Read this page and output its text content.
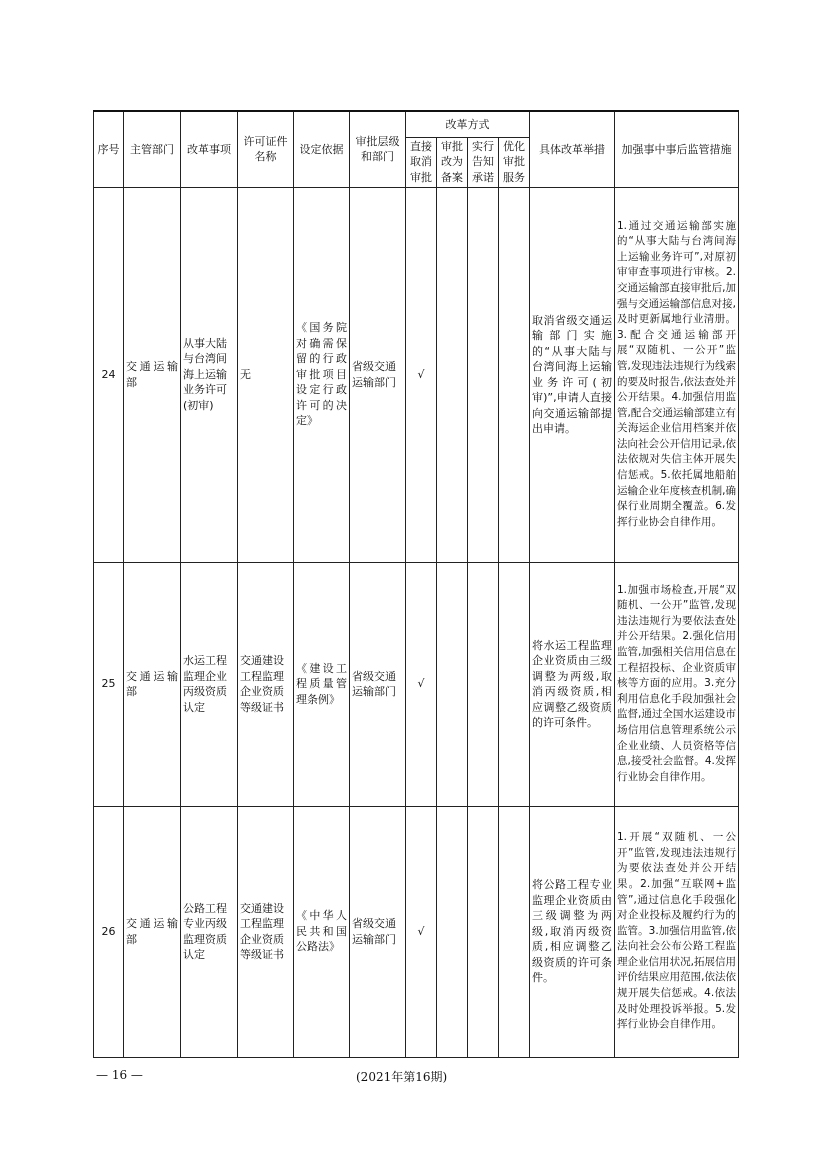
序号	主管部门	改革事项	许可证件名称	设定依据	审批层级和部门	改革方式				具体改革举措	加强事中事后监管措施
						直接取消审批	审批改为备案	实行告知承诺	优化审批服务		
24	交通运输部	从事大陆与台湾间海上运输业务许可(初审)	无	《国务院对确需保留的行政审批项目设定行政许可的决定》	省级交通运输部门	√				取消省级交通运输部门实施的“从事大陆与台湾间海上运输业务许可(初审)”,申请人直接向交通运输部提出申请。	1.通过交通运输部实施的“从事大陆与台湾间海上运输业务许可”,对原初审审查事项进行审核。2.交通运输部直接审批后,加强与交通运输部信息对接,及时更新属地行业清册。3.配合交通运输部开展“双随机、一公开”监管,发现违法违规行为线索的要及时报告,依法查处并公开结果。4.加强信用监管,配合交通运输部建立有关海运企业信用档案并依法向社会公开信用记录,依法依规对失信主体开展失信惩戒。5.依托属地船舶运输企业年度核查机制,确保行业周期全覆盖。6.发挥行业协会自律作用。
25	交通运输部	水运工程监理企业丙级资质认定	交通建设工程监理企业资质等级证书	《建设工程质量管理条例》	省级交通运输部门	√				将水运工程监理企业资质由三级调整为两级,取消丙级资质,相应调整乙级资质的许可条件。	1.加强市场检查,开展“双随机、一公开”监管,发现违法违规行为要依法查处并公开结果。2.强化信用监管,加强相关信用信息在工程招投标、企业资质审核等方面的应用。3.充分利用信息化手段加强社会监督,通过全国水运建设市场信用信息管理系统公示企业业绩、人员资格等信息,接受社会监督。4.发挥行业协会自律作用。
26	交通运输部	公路工程专业丙级监理资质认定	交通建设工程监理企业资质等级证书	《中华人民共和国公路法》	省级交通运输部门	√				将公路工程专业监理企业资质由三级调整为两级,取消丙级资质,相应调整乙级资质的许可条件。	1.开展“双随机、一公开”监管,发现违法违规行为要依法查处并公开结果。2.加强“互联网+监管”,通过信息化手段强化对企业投标及履约行为的监管。3.加强信用监管,依法向社会公布公路工程监理企业信用状况,拓展信用评价结果应用范围,依法依规开展失信惩戒。4.依法及时处理投诉举报。5.发挥行业协会自律作用。
— 16 —	(2021年第16期)
